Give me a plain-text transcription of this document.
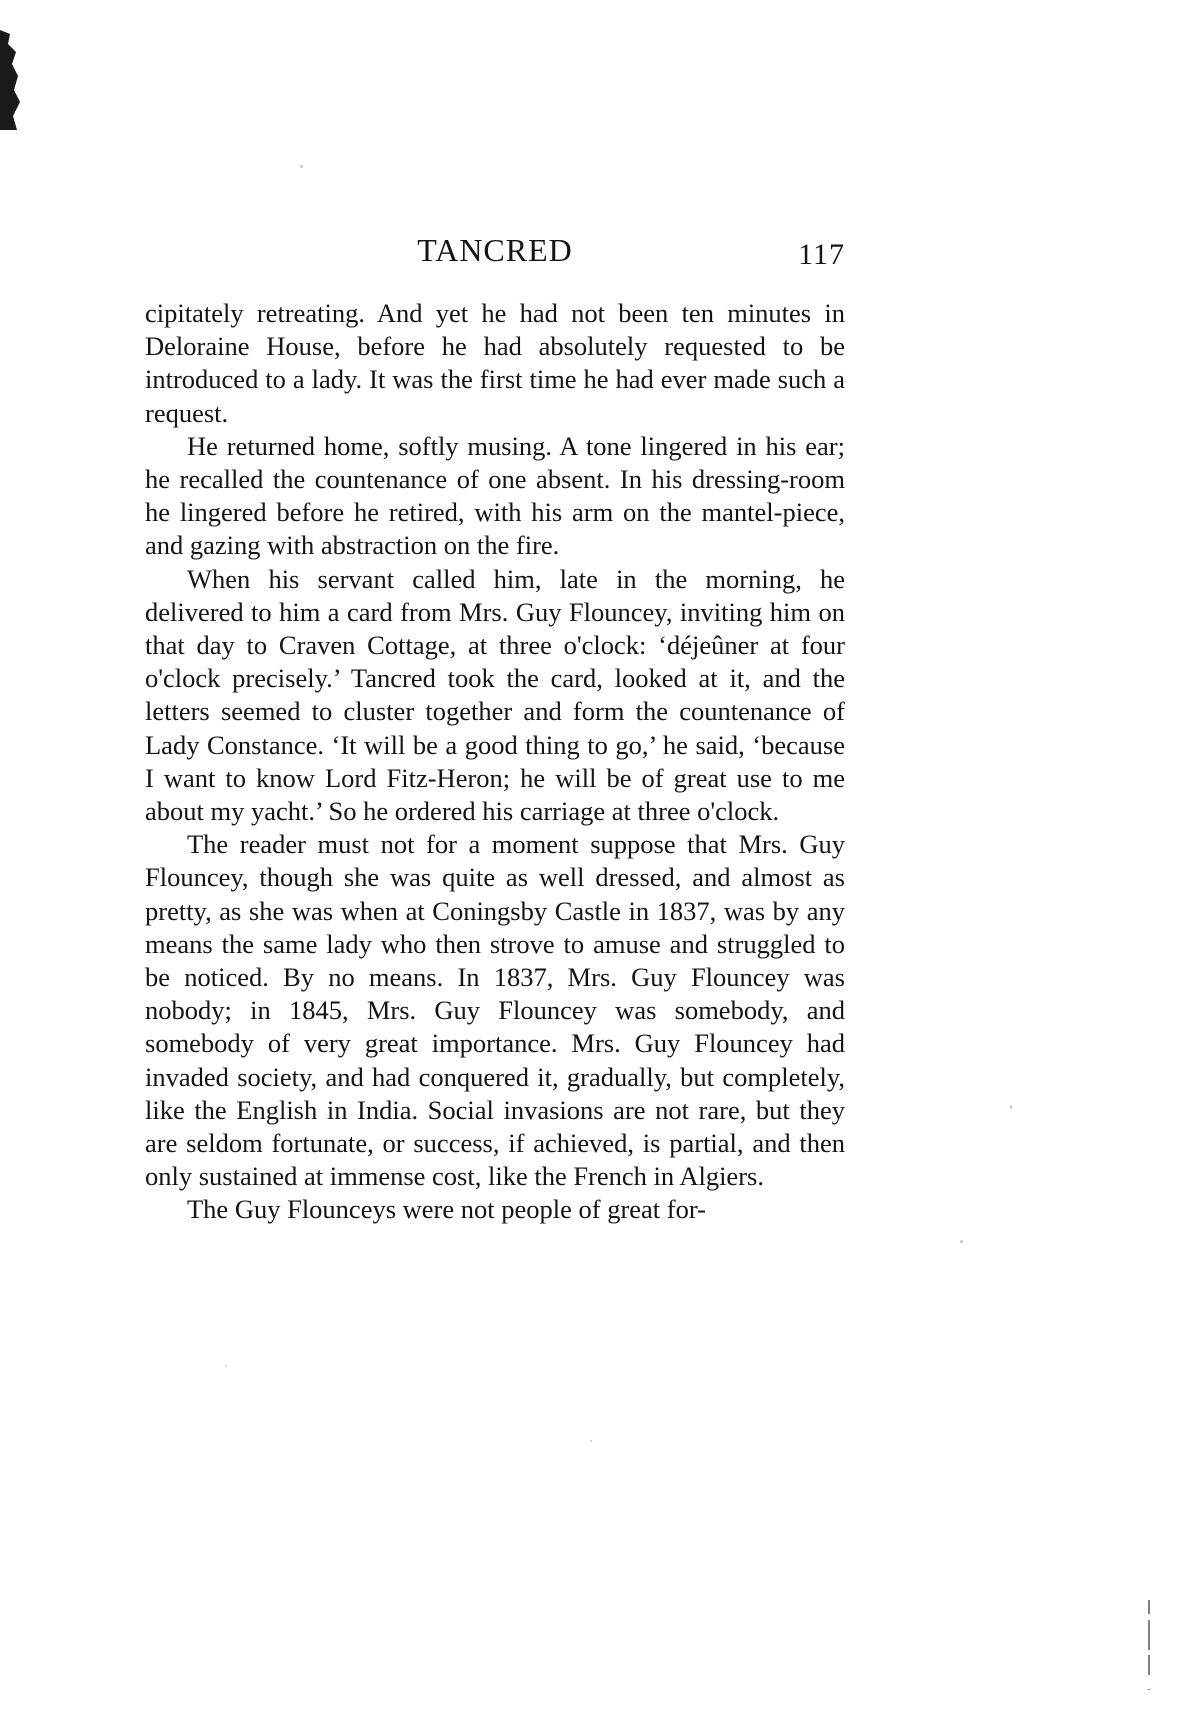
TANCRED	117

cipitately retreating. And yet he had not been ten minutes in Deloraine House, before he had absolutely requested to be introduced to a lady. It was the first time he had ever made such a request.

He returned home, softly musing. A tone lingered in his ear; he recalled the countenance of one absent. In his dressing-room he lingered before he retired, with his arm on the mantel-piece, and gazing with abstraction on the fire.

When his servant called him, late in the morning, he delivered to him a card from Mrs. Guy Flouncey, inviting him on that day to Craven Cottage, at three o'clock: ‘déjeûner at four o'clock precisely.’ Tancred took the card, looked at it, and the letters seemed to cluster together and form the countenance of Lady Constance. ‘It will be a good thing to go,’ he said, ‘because I want to know Lord Fitz-Heron; he will be of great use to me about my yacht.’ So he ordered his carriage at three o'clock.

The reader must not for a moment suppose that Mrs. Guy Flouncey, though she was quite as well dressed, and almost as pretty, as she was when at Coningsby Castle in 1837, was by any means the same lady who then strove to amuse and struggled to be noticed. By no means. In 1837, Mrs. Guy Flouncey was nobody; in 1845, Mrs. Guy Flouncey was somebody, and somebody of very great importance. Mrs. Guy Flouncey had invaded society, and had conquered it, gradually, but completely, like the English in India. Social invasions are not rare, but they are seldom fortunate, or success, if achieved, is partial, and then only sustained at immense cost, like the French in Algiers.

The Guy Flounceys were not people of great for-
